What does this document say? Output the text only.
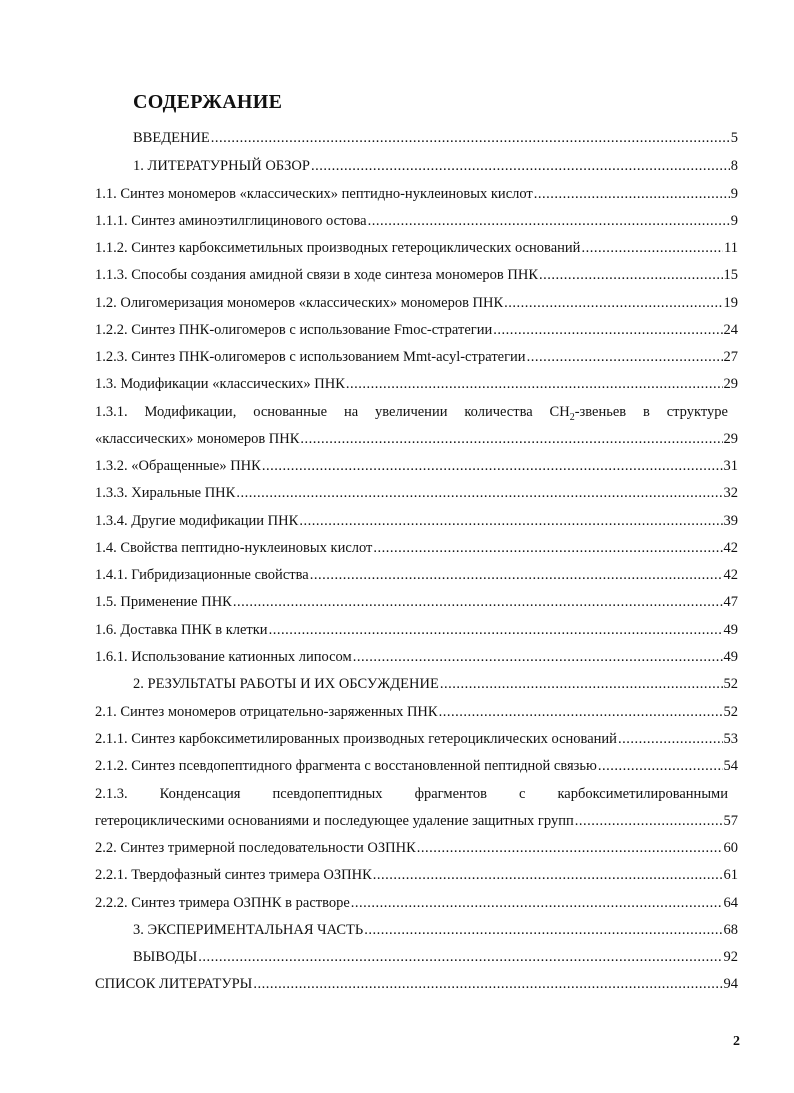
СОДЕРЖАНИЕ
ВВЕДЕНИЕ .....	5
1. ЛИТЕРАТУРНЫЙ ОБЗОР .....	8
1.1. Синтез мономеров «классических» пептидно-нуклеиновых кислот .....	9
1.1.1. Синтез аминоэтилглицинового остова .....	9
1.1.2. Синтез карбоксиметильных производных гетероциклических оснований .....	11
1.1.3. Способы создания амидной связи в ходе синтеза мономеров ПНК .....	15
1.2. Олигомеризация мономеров «классических» мономеров ПНК .....	19
1.2.2. Синтез ПНК-олигомеров с использование Fmoc-стратегии .....	24
1.2.3. Синтез ПНК-олигомеров с использованием Mmt-acyl-стратегии .....	27
1.3. Модификации «классических» ПНК .....	29
1.3.1. Модификации, основанные на увеличении количества $CH_2$-звеньев в структуре
«классических» мономеров ПНК .....	29
1.3.2. «Обращенные» ПНК .....	31
1.3.3. Хиральные ПНК .....	32
1.3.4. Другие модификации ПНК .....	39
1.4. Свойства пептидно-нуклеиновых кислот .....	42
1.4.1. Гибридизационные свойства .....	42
1.5. Применение ПНК .....	47
1.6. Доставка ПНК в клетки .....	49
1.6.1. Использование катионных липосом .....	49
2. РЕЗУЛЬТАТЫ РАБОТЫ И ИХ ОБСУЖДЕНИЕ .....	52
2.1. Синтез мономеров отрицательно-заряженных ПНК .....	52
2.1.1. Синтез карбоксиметилированных производных гетероциклических оснований .....	53
2.1.2. Синтез псевдопептидного фрагмента с восстановленной пептидной связью .....	54
2.1.3. Конденсация псевдопептидных фрагментов с карбоксиметилированными
гетероциклическими основаниями и последующее удаление защитных групп .....	57
2.2. Синтез тримерной последовательности ОЗПНК .....	60
2.2.1. Твердофазный синтез тримера ОЗПНК .....	61
2.2.2. Синтез тримера ОЗПНК в растворе .....	64
3. ЭКСПЕРИМЕНТАЛЬНАЯ ЧАСТЬ .....	68
ВЫВОДЫ .....	92
СПИСОК ЛИТЕРАТУРЫ .....	94
2
